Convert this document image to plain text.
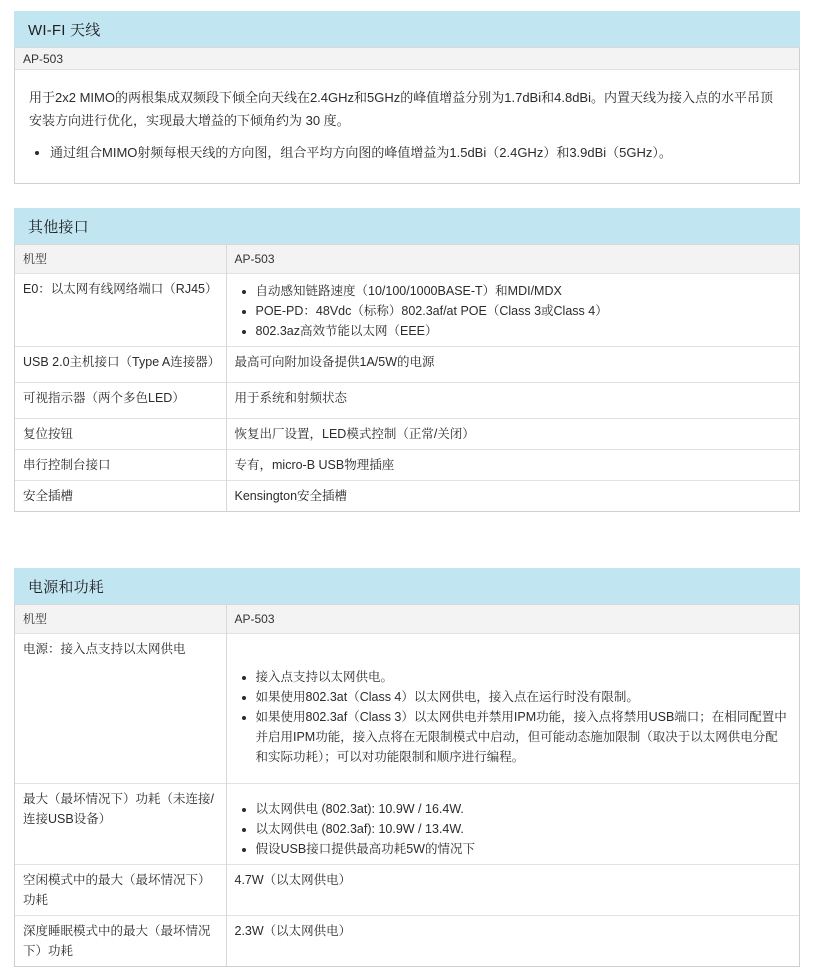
WI-FI 天线
AP-503

用于2x2 MIMO的两根集成双频段下倾全向天线在2.4GHz和5GHz的峰值增益分别为1.7dBi和4.8dBi。内置天线为接入点的水平吊顶安装方向进行优化，实现最大增益的下倾角约为 30 度。

• 通过组合MIMO射频每根天线的方向图，组合平均方向图的峰值增益为1.5dBi（2.4GHz）和3.9dBi（5GHz）。
其他接口
机型	AP-503
E0：以太网有线网络端口（RJ45）	
•自动感知链路速度（10/100/1000BASE-T）和MDI/MDX
• POE-PD：48Vdc（标称）802.3af/at POE（Class 3或Class 4）
• 802.3az高效节能以太网（EEE）

USB 2.0主机接口（Type A连接器）	最高可向附加设备提供1A/5W的电源
可视指示器（两个多色LED）	用于系统和射频状态
复位按钮	恢复出厂设置，LED模式控制（正常/关闭）
串行控制台接口	专有，micro-B USB物理插座
安全插槽	Kensington安全插槽
电源和功耗
机型	AP-503
电源：接入点支持以太网供电	
• 接入点支持以太网供电。
• 如果使用802.3at（Class 4）以太网供电，接入点在运行时没有限制。
• 如果使用802.3af（Class 3）以太网供电并禁用IPM功能，接入点将禁用USB端口；在相同配置中并启用IPM功能，接入点将在无限制模式中启动，但可能动态施加限制（取决于以太网供电分配和实际功耗）；可以对功能限制和顺序进行编程。

最大（最坏情况下）功耗（未连接/连接USB设备）	
• 以太网供电 (802.3at): 10.9W / 16.4W.
• 以太网供电 (802.3af): 10.9W / 13.4W.
• 假设USB接口提供最高功耗5W的情况下

空闲模式中的最大（最坏情况下）功耗	4.7W（以太网供电）
深度睡眠模式中的最大（最坏情况下）功耗	2.3W（以太网供电）
